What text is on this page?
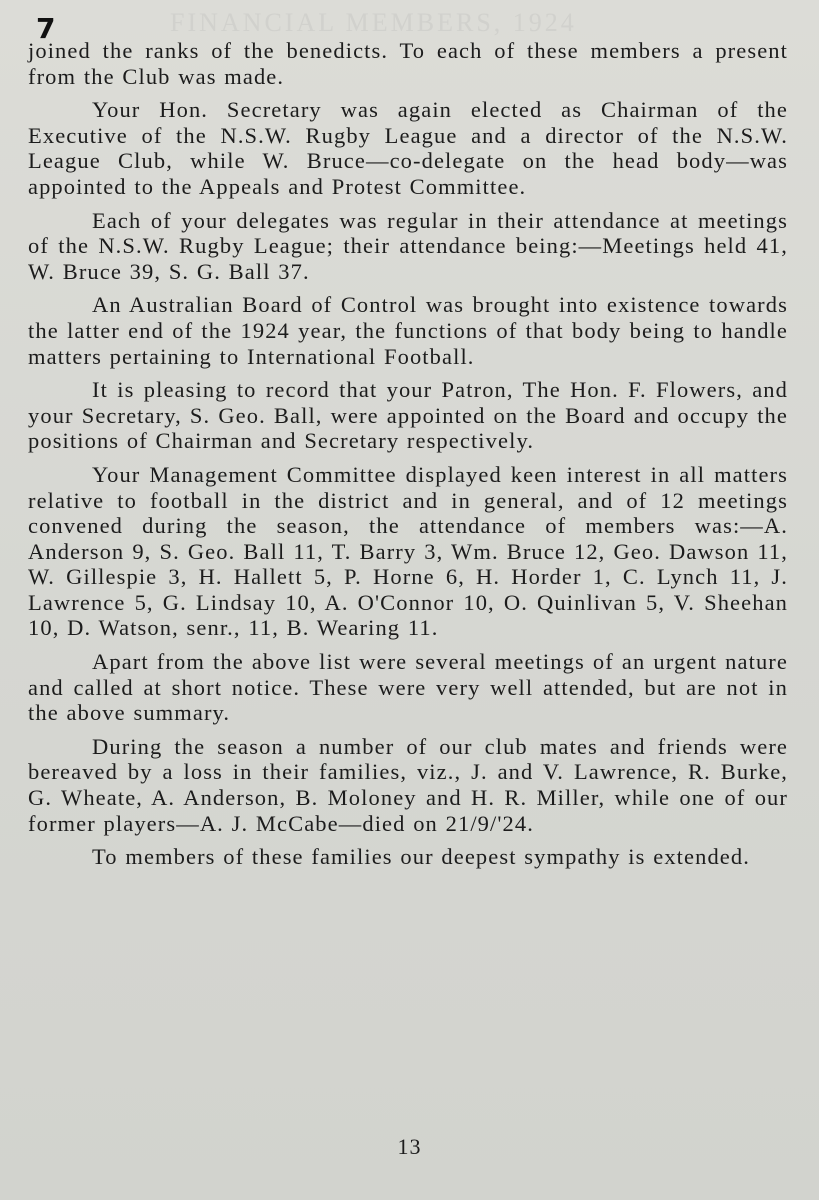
FINANCIAL MEMBERS, 1924
7

joined the ranks of the benedicts. To each of these members a present from the Club was made.

Your Hon. Secretary was again elected as Chairman of the Executive of the N.S.W. Rugby League and a director of the N.S.W. League Club, while W. Bruce—co-delegate on the head body—was appointed to the Appeals and Protest Committee.

Each of your delegates was regular in their attendance at meetings of the N.S.W. Rugby League; their attendance being:—Meetings held 41, W. Bruce 39, S. G. Ball 37.

An Australian Board of Control was brought into existence towards the latter end of the 1924 year, the functions of that body being to handle matters pertaining to International Football.

It is pleasing to record that your Patron, The Hon. F. Flowers, and your Secretary, S. Geo. Ball, were appointed on the Board and occupy the positions of Chairman and Secretary respectively.

Your Management Committee displayed keen interest in all matters relative to football in the district and in general, and of 12 meetings convened during the season, the attendance of members was:—A. Anderson 9, S. Geo. Ball 11, T. Barry 3, Wm. Bruce 12, Geo. Dawson 11, W. Gillespie 3, H. Hallett 5, P. Horne 6, H. Horder 1, C. Lynch 11, J. Lawrence 5, G. Lindsay 10, A. O'Connor 10, O. Quinlivan 5, V. Sheehan 10, D. Watson, senr., 11, B. Wearing 11.

Apart from the above list were several meetings of an urgent nature and called at short notice. These were very well attended, but are not in the above summary.

During the season a number of our club mates and friends were bereaved by a loss in their families, viz., J. and V. Lawrence, R. Burke, G. Wheate, A. Anderson, B. Moloney and H. R. Miller, while one of our former players—A. J. McCabe—died on 21/9/'24.

To members of these families our deepest sympathy is extended.

13
